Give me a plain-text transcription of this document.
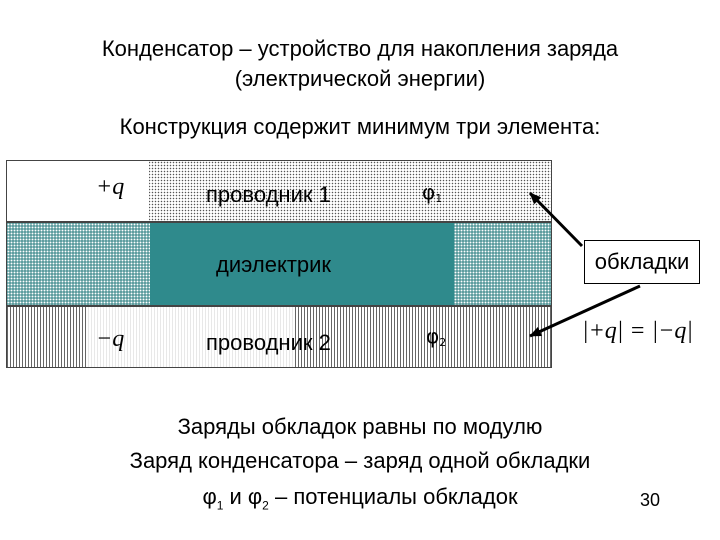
Конденсатор – устройство для накопления заряда
(электрической энергии)
Конструкция содержит минимум три элемента:
+q	проводник 1	$\varphi_1$
диэлектрик
−q	проводник 2	$\varphi_2$
обкладки
|+q| = |−q|
Заряды обкладок равны по модулю
Заряд конденсатора – заряд одной обкладки
$\varphi_1$ и $\varphi_2$ – потенциалы обкладок	30
